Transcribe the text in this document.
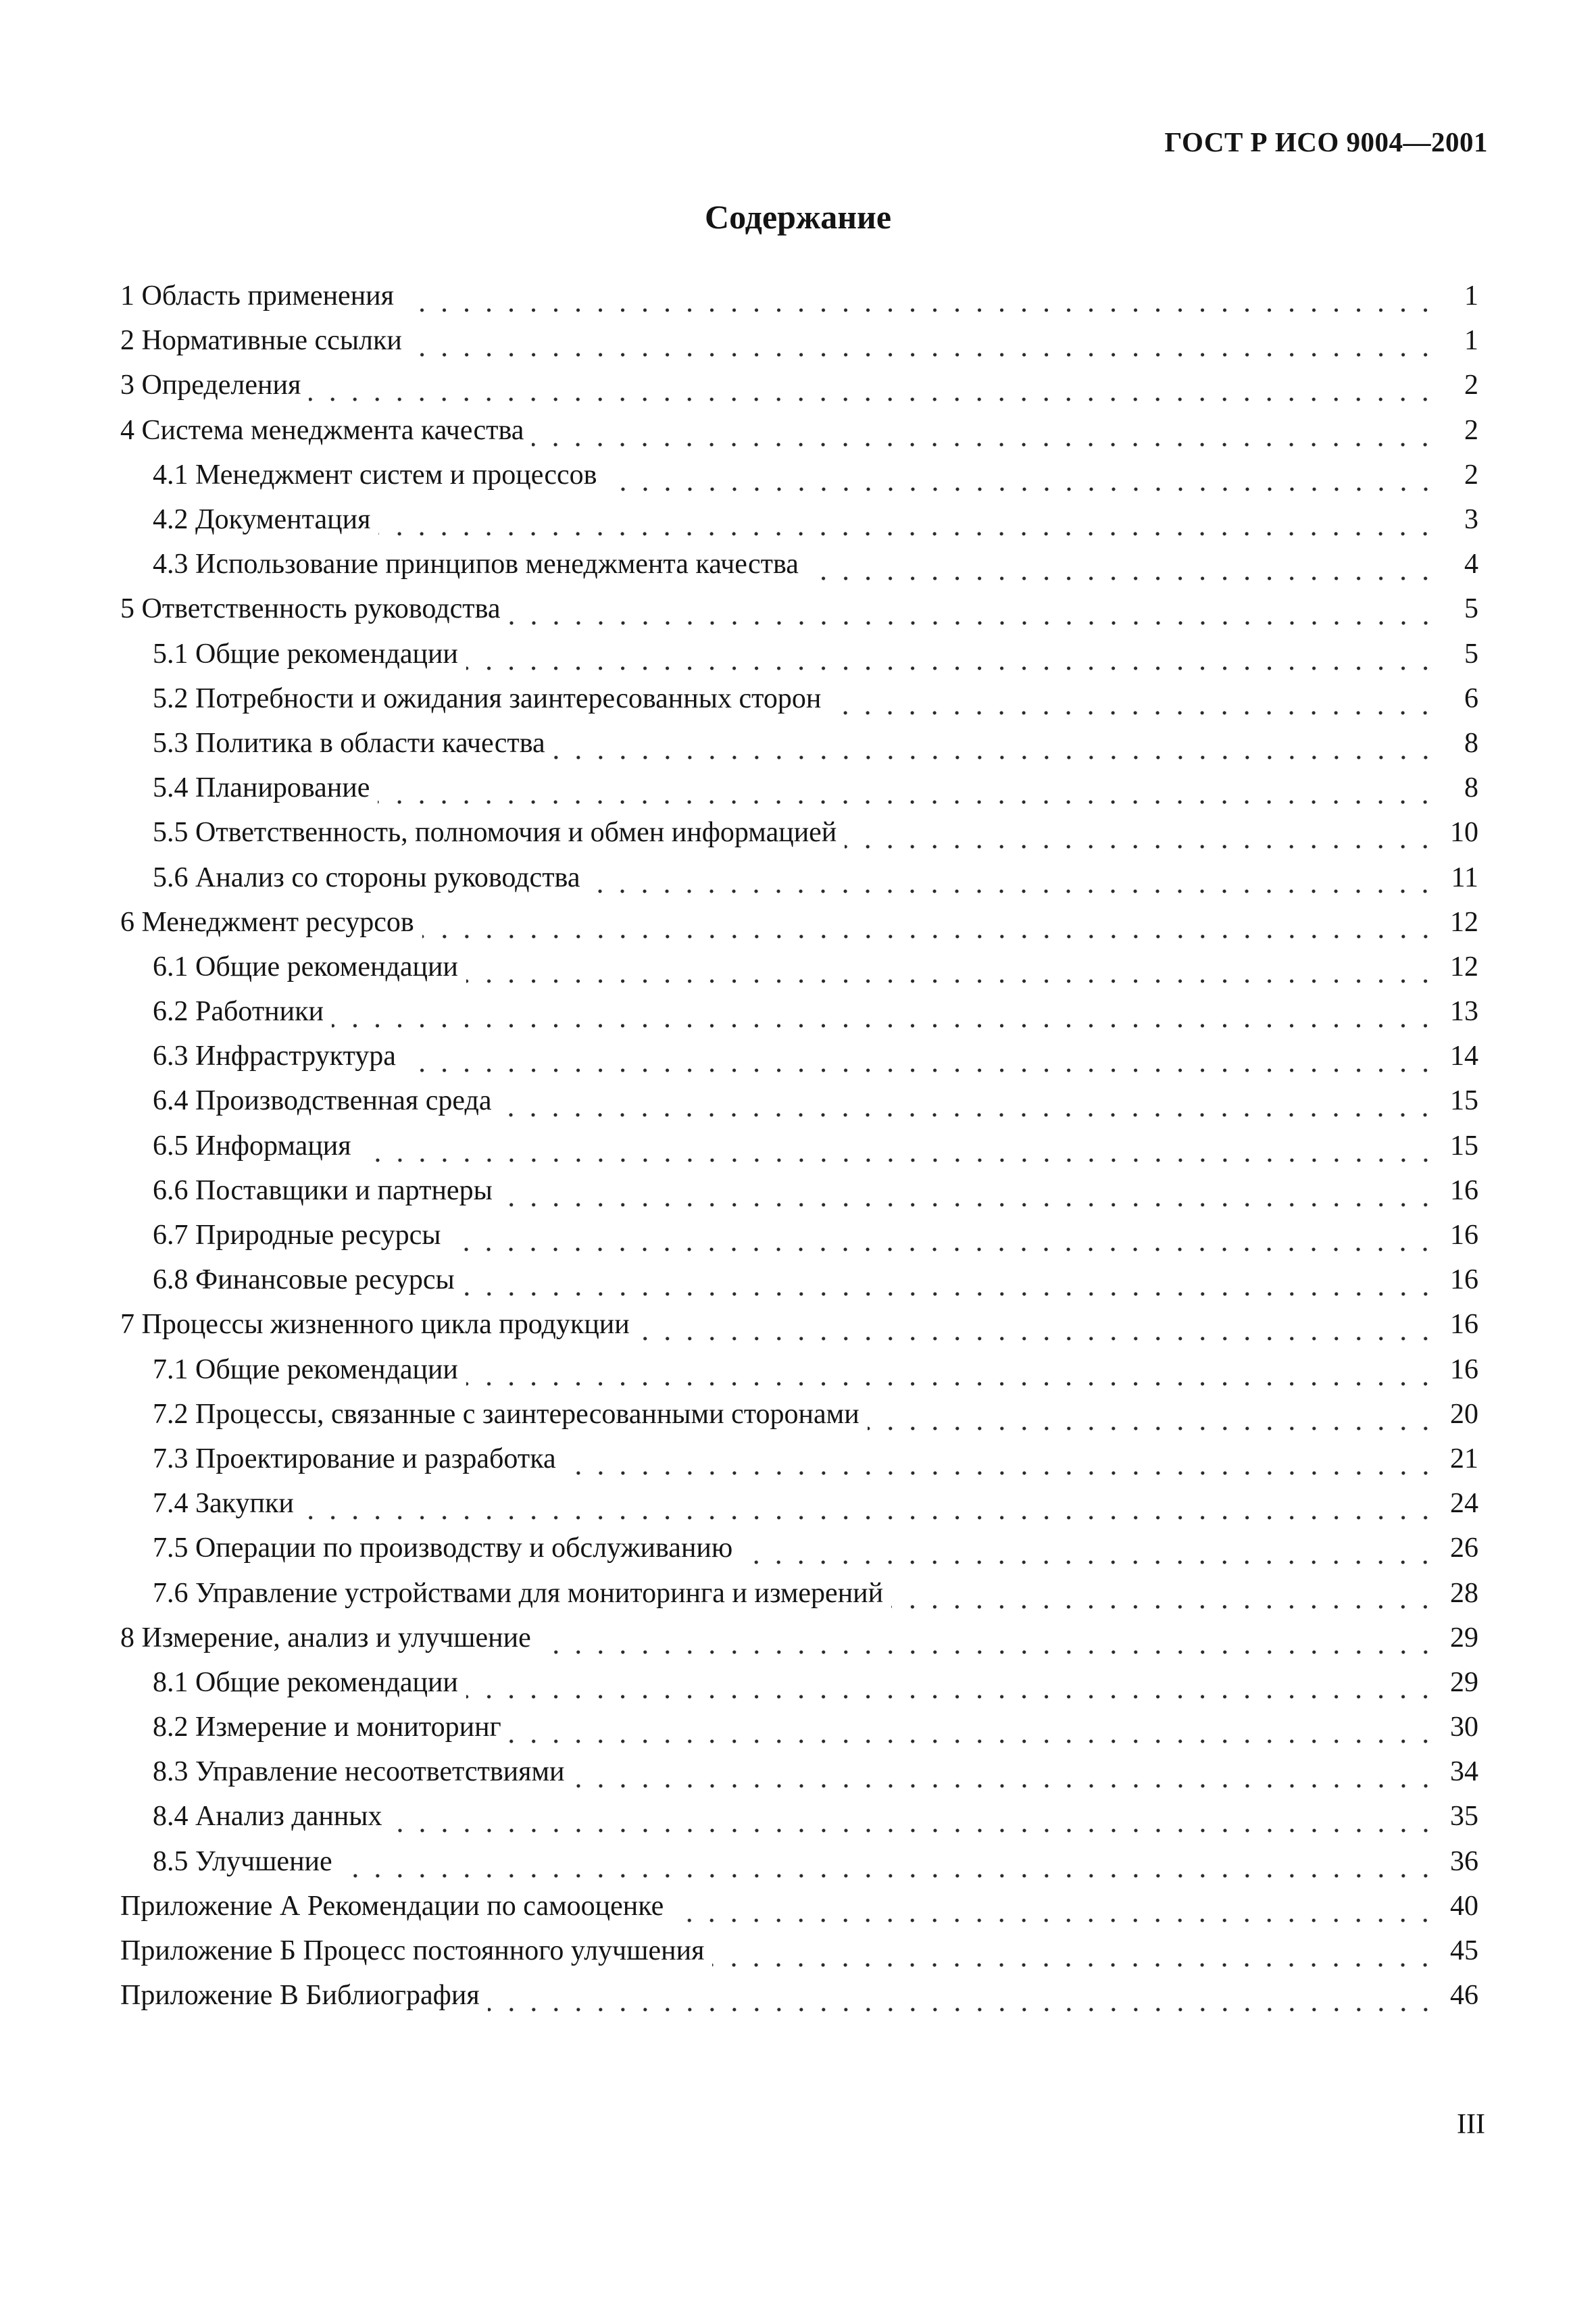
ГОСТ Р ИСО 9004—2001
Содержание
1 Область применения	1
2 Нормативные ссылки	1
3 Определения	2
4 Система менеджмента качества	2
4.1 Менеджмент систем и процессов	2
4.2 Документация	3
4.3 Использование принципов менеджмента качества	4
5 Ответственность руководства	5
5.1 Общие рекомендации	5
5.2 Потребности и ожидания заинтересованных сторон	6
5.3 Политика в области качества	8
5.4 Планирование	8
5.5 Ответственность, полномочия и обмен информацией	10
5.6 Анализ со стороны руководства	11
6 Менеджмент ресурсов	12
6.1 Общие рекомендации	12
6.2 Работники	13
6.3 Инфраструктура	14
6.4 Производственная среда	15
6.5 Информация	15
6.6 Поставщики и партнеры	16
6.7 Природные ресурсы	16
6.8 Финансовые ресурсы	16
7 Процессы жизненного цикла продукции	16
7.1 Общие рекомендации	16
7.2 Процессы, связанные с заинтересованными сторонами	20
7.3 Проектирование и разработка	21
7.4 Закупки	24
7.5 Операции по производству и обслуживанию	26
7.6 Управление устройствами для мониторинга и измерений	28
8 Измерение, анализ и улучшение	29
8.1 Общие рекомендации	29
8.2 Измерение и мониторинг	30
8.3 Управление несоответствиями	34
8.4 Анализ данных	35
8.5 Улучшение	36
Приложение А Рекомендации по самооценке	40
Приложение Б Процесс постоянного улучшения	45
Приложение В Библиография	46
III
